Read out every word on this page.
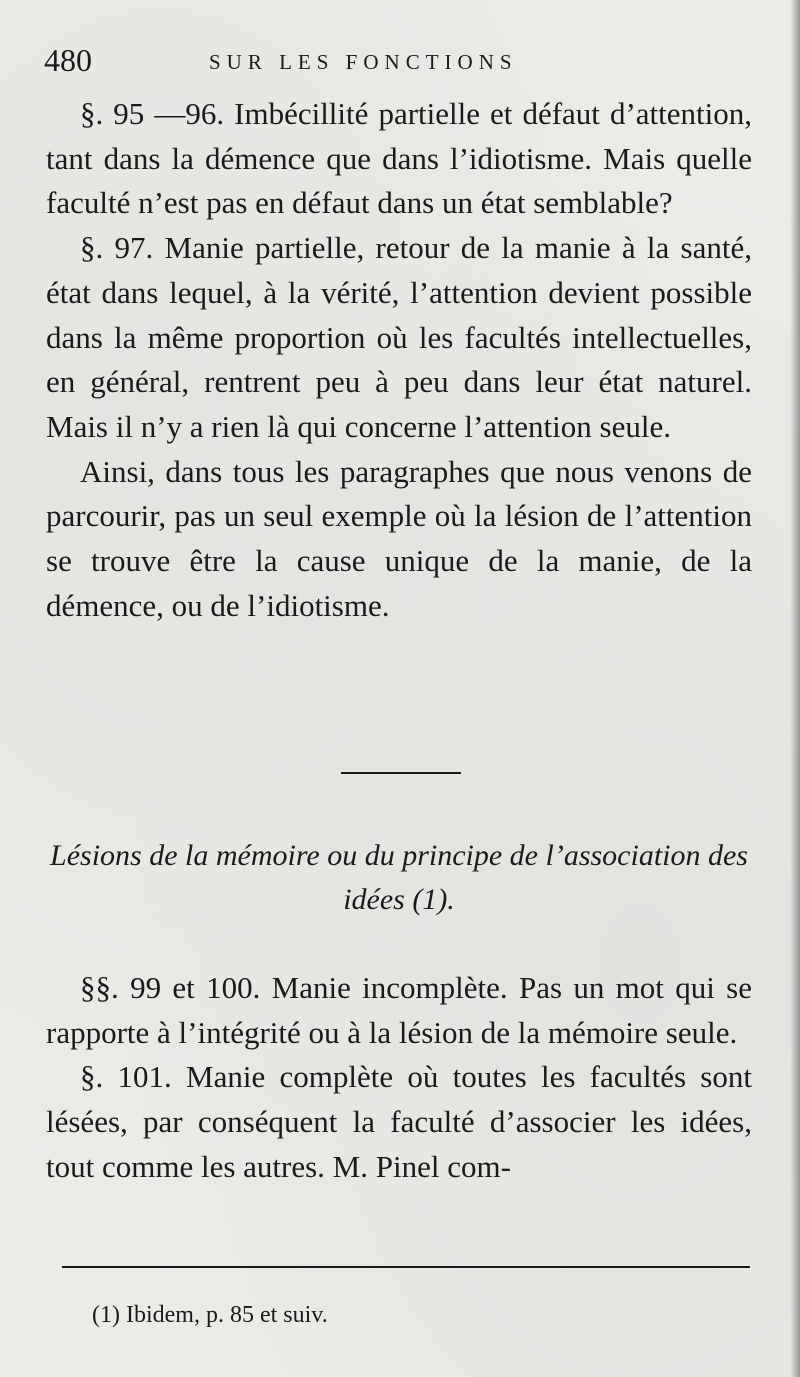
480	SUR LES FONCTIONS

§. 95 —96. Imbécillité partielle et défaut d’attention, tant dans la démence que dans l’idiotisme. Mais quelle faculté n’est pas en défaut dans un état semblable?

§. 97. Manie partielle, retour de la manie à la santé, état dans lequel, à la vérité, l’attention devient possible dans la même proportion où les facultés intellectuelles, en général, rentrent peu à peu dans leur état naturel. Mais il n’y a rien là qui concerne l’attention seule.

Ainsi, dans tous les paragraphes que nous venons de parcourir, pas un seul exemple où la lésion de l’attention se trouve être la cause unique de la manie, de la démence, ou de l’idiotisme.

Lésions de la mémoire ou du principe de l’association des idées (1).

§§. 99 et 100. Manie incomplète. Pas un mot qui se rapporte à l’intégrité ou à la lésion de la mémoire seule.

§. 101. Manie complète où toutes les facultés sont lésées, par conséquent la faculté d’associer les idées, tout comme les autres. M. Pinel com-

(1) Ibidem, p. 85 et suiv.
